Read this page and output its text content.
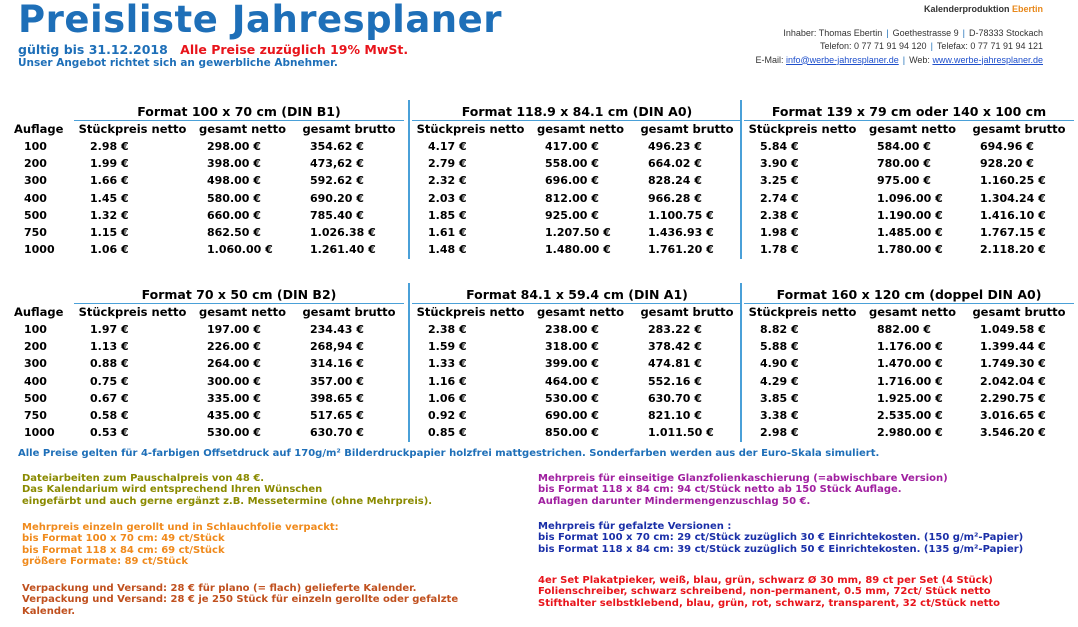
Preisliste Jahresplaner
gültig bis 31.12.2018 Alle Preise zuzüglich 19% MwSt.
Unser Angebot richtet sich an gewerbliche Abnehmer.
Kalenderproduktion Ebertin
Inhaber: Thomas Ebertin | Goethestrasse 9 | D-78333 Stockach
Telefon: 0 77 71 91 94 120 | Telefax: 0 77 71 91 94 121
E-Mail: info@werbe-jahresplaner.de | Web: www.werbe-jahresplaner.de
Format 100 x 70 cm (DIN B1)
Auflage	Stückpreis netto	gesamt netto	gesamt brutto
100	2.98 €	298.00 €	354.62 €
200	1.99 €	398.00 €	473,62 €
300	1.66 €	498.00 €	592.62 €
400	1.45 €	580.00 €	690.20 €
500	1.32 €	660.00 €	785.40 €
750	1.15 €	862.50 €	1.026.38 €
1000	1.06 €	1.060.00 €	1.261.40 €
Format 118.9 x 84.1 cm (DIN A0)
Stückpreis netto	gesamt netto	gesamt brutto
4.17 €	417.00 €	496.23 €
2.79 €	558.00 €	664.02 €
2.32 €	696.00 €	828.24 €
2.03 €	812.00 €	966.28 €
1.85 €	925.00 €	1.100.75 €
1.61 €	1.207.50 €	1.436.93 €
1.48 €	1.480.00 €	1.761.20 €
Format 139 x 79 cm oder 140 x 100 cm
Stückpreis netto	gesamt netto	gesamt brutto
5.84 €	584.00 €	694.96 €
3.90 €	780.00 €	928.20 €
3.25 €	975.00 €	1.160.25 €
2.74 €	1.096.00 €	1.304.24 €
2.38 €	1.190.00 €	1.416.10 €
1.98 €	1.485.00 €	1.767.15 €
1.78 €	1.780.00 €	2.118.20 €
Format 70 x 50 cm (DIN B2)
Auflage	Stückpreis netto	gesamt netto	gesamt brutto
100	1.97 €	197.00 €	234.43 €
200	1.13 €	226.00 €	268,94 €
300	0.88 €	264.00 €	314.16 €
400	0.75 €	300.00 €	357.00 €
500	0.67 €	335.00 €	398.65 €
750	0.58 €	435.00 €	517.65 €
1000	0.53 €	530.00 €	630.70 €
Format 84.1 x 59.4 cm (DIN A1)
Stückpreis netto	gesamt netto	gesamt brutto
2.38 €	238.00 €	283.22 €
1.59 €	318.00 €	378.42 €
1.33 €	399.00 €	474.81 €
1.16 €	464.00 €	552.16 €
1.06 €	530.00 €	630.70 €
0.92 €	690.00 €	821.10 €
0.85 €	850.00 €	1.011.50 €
Format 160 x 120 cm (doppel DIN A0)
Stückpreis netto	gesamt netto	gesamt brutto
8.82 €	882.00 €	1.049.58 €
5.88 €	1.176.00 €	1.399.44 €
4.90 €	1.470.00 €	1.749.30 €
4.29 €	1.716.00 €	2.042.04 €
3.85 €	1.925.00 €	2.290.75 €
3.38 €	2.535.00 €	3.016.65 €
2.98 €	2.980.00 €	3.546.20 €
Alle Preise gelten für 4-farbigen Offsetdruck auf 170g/m² Bilderdruckpapier holzfrei mattgestrichen. Sonderfarben werden aus der Euro-Skala simuliert.
Dateiarbeiten zum Pauschalpreis von 48 €.
Das Kalendarium wird entsprechend Ihren Wünschen
eingefärbt und auch gerne ergänzt z.B. Messetermine (ohne Mehrpreis).
Mehrpreis einzeln gerollt und in Schlauchfolie verpackt:
bis Format 100 x 70 cm: 49 ct/Stück
bis Format 118 x 84 cm: 69 ct/Stück
größere Formate: 89 ct/Stück
Verpackung und Versand: 28 € für plano (= flach) gelieferte Kalender.
Verpackung und Versand: 28 € je 250 Stück für einzeln gerollte oder gefalzte
Kalender.
Mehrpreis für einseitige Glanzfolienkaschierung (=abwischbare Version)
bis Format 118 x 84 cm: 94 ct/Stück netto ab 150 Stück Auflage.
Auflagen darunter Mindermengenzuschlag 50 €.
Mehrpreis für gefalzte Versionen :
bis Format 100 x 70 cm: 29 ct/Stück zuzüglich 30 € Einrichtekosten. (150 g/m²-Papier)
bis Format 118 x 84 cm: 39 ct/Stück zuzüglich 50 € Einrichtekosten. (135 g/m²-Papier)
4er Set Plakatpieker, weiß, blau, grün, schwarz Ø 30 mm, 89 ct per Set (4 Stück)
Folienschreiber, schwarz schreibend, non-permanent, 0.5 mm, 72ct/ Stück netto
Stifthalter selbstklebend, blau, grün, rot, schwarz, transparent, 32 ct/Stück netto
